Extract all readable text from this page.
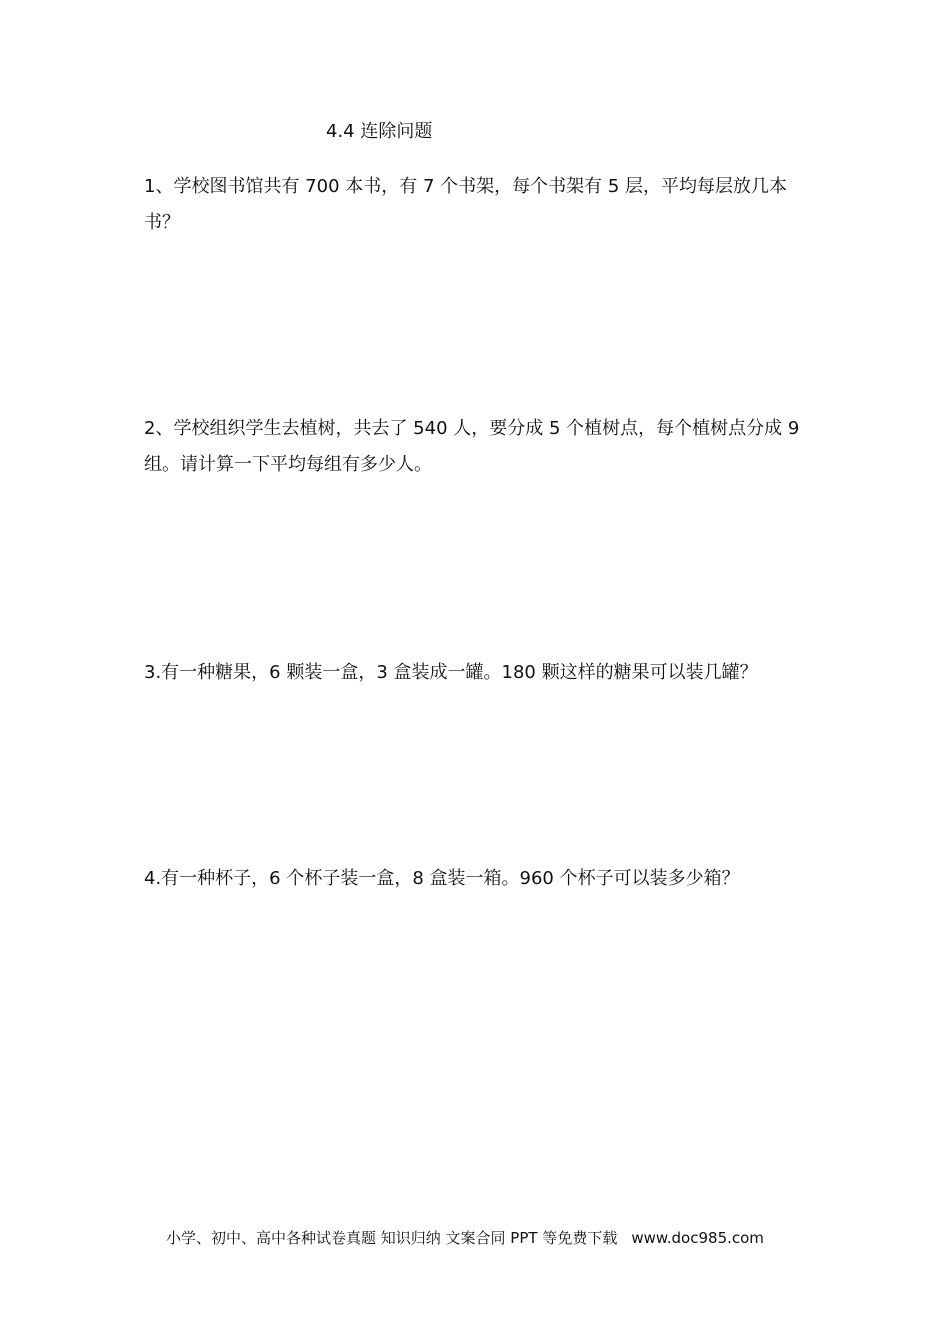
4.4 连除问题

1、学校图书馆共有 700 本书，有 7 个书架，每个书架有 5 层，平均每层放几本书？

2、学校组织学生去植树，共去了 540 人，要分成 5 个植树点，每个植树点分成 9 组。请计算一下平均每组有多少人。

3.有一种糖果，6 颗装一盒，3 盒装成一罐。180 颗这样的糖果可以装几罐？

4.有一种杯子，6 个杯子装一盒，8 盒装一箱。960 个杯子可以装多少箱？

小学、初中、高中各种试卷真题 知识归纳 文案合同 PPT 等免费下载 www.doc985.com
